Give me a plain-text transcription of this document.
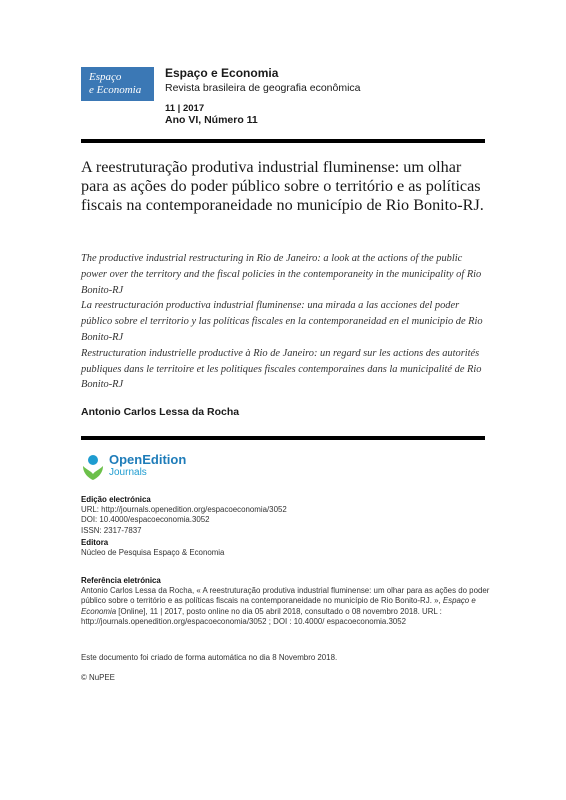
Espaço
e Economia
Espaço e Economia
Revista brasileira de geografia econômica
11 | 2017
Ano VI, Número 11
A reestruturação produtiva industrial fluminense: um olhar para as ações do poder público sobre o território e as políticas fiscais na contemporaneidade no município de Rio Bonito-RJ.
The productive industrial restructuring in Rio de Janeiro: a look at the actions of the public power over the territory and the fiscal policies in the contemporaneity in the municipality of Rio Bonito-RJ
La reestructuración productiva industrial fluminense: una mirada a las acciones del poder público sobre el territorio y las políticas fiscales en la contemporaneidad en el municipio de Rio Bonito-RJ
Restructuration industrielle productive à Rio de Janeiro: un regard sur les actions des autorités publiques dans le territoire et les politiques fiscales contemporaines dans la municipalité de Rio Bonito-RJ
Antonio Carlos Lessa da Rocha
OpenEdition
Journals
Edição electrónica
URL: http://journals.openedition.org/espacoeconomia/3052
DOI: 10.4000/espacoeconomia.3052
ISSN: 2317-7837
Editora
Núcleo de Pesquisa Espaço & Economia
Referência eletrónica
Antonio Carlos Lessa da Rocha, « A reestruturação produtiva industrial fluminense: um olhar para as ações do poder público sobre o território e as políticas fiscais na contemporaneidade no município de Rio Bonito-RJ. », Espaço e Economia [Online], 11 | 2017, posto online no dia 05 abril 2018, consultado o 08 novembro 2018. URL : http://journals.openedition.org/espacoeconomia/3052 ; DOI : 10.4000/ espacoeconomia.3052
Este documento foi criado de forma automática no dia 8 Novembro 2018.
© NuPEE
